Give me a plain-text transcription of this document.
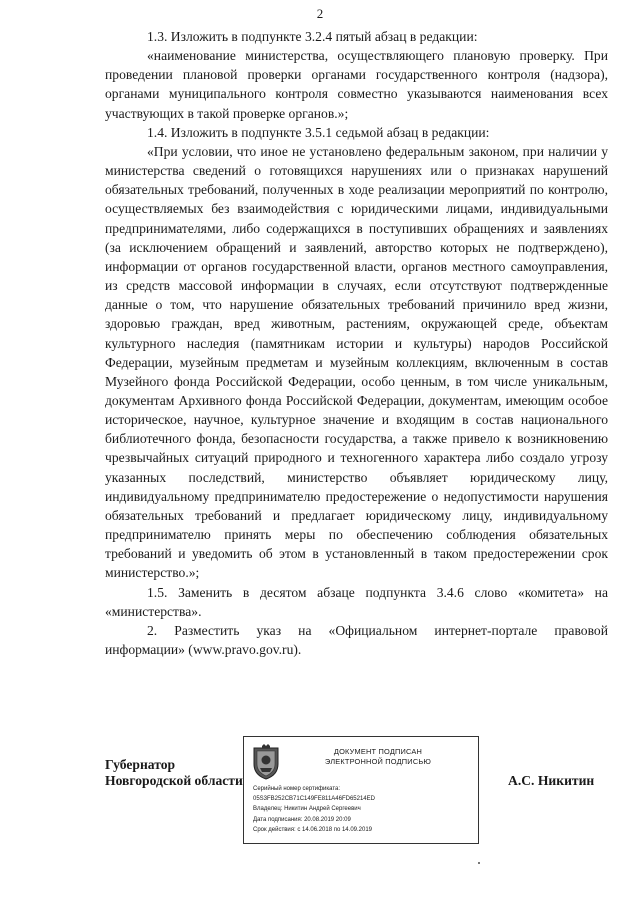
2

1.3. Изложить в подпункте 3.2.4 пятый абзац в редакции:

«наименование министерства, осуществляющего плановую проверку. При проведении плановой проверки органами государственного контроля (надзора), органами муниципального контроля совместно указываются наименования всех участвующих в такой проверке органов.»;

1.4. Изложить в подпункте 3.5.1 седьмой абзац в редакции:

«При условии, что иное не установлено федеральным законом, при наличии у министерства сведений о готовящихся нарушениях или о признаках нарушений обязательных требований, полученных в ходе реализации мероприятий по контролю, осуществляемых без взаимодействия с юридическими лицами, индивидуальными предпринимателями, либо содержащихся в поступивших обращениях и заявлениях (за исключением обращений и заявлений, авторство которых не подтверждено), информации от органов государственной власти, органов местного самоуправления, из средств массовой информации в случаях, если отсутствуют подтвержденные данные о том, что нарушение обязательных требований причинило вред жизни, здоровью граждан, вред животным, растениям, окружающей среде, объектам культурного наследия (памятникам истории и культуры) народов Российской Федерации, музейным предметам и музейным коллекциям, включенным в состав Музейного фонда Российской Федерации, особо ценным, в том числе уникальным, документам Архивного фонда Российской Федерации, документам, имеющим особое историческое, научное, культурное значение и входящим в состав национального библиотечного фонда, безопасности государства, а также привело к возникновению чрезвычайных ситуаций природного и техногенного характера либо создало угрозу указанных последствий, министерство объявляет юридическому лицу, индивидуальному предпринимателю предостережение о недопустимости нарушения обязательных требований и предлагает юридическому лицу, индивидуальному предпринимателю принять меры по обеспечению соблюдения обязательных требований и уведомить об этом в установленный в таком предостережении срок министерство.»;

1.5. Заменить в десятом абзаце подпункта 3.4.6 слово «комитета» на «министерства».

2. Разместить указ на «Официальном интернет-портале правовой информации» (www.pravo.gov.ru).

Губернатор
Новгородской области
ДОКУМЕНТ ПОДПИСАН
ЭЛЕКТРОННОЙ ПОДПИСЬЮ
Серийный номер сертификата:
05S3FB252CB71C149FE811A46FD65214ED
Владелец: Никитин Андрей Сергеевич
Дата подписания: 20.08.2019 20:09
Срок действия: с 14.06.2018 по 14.09.2019
А.С. Никитин
